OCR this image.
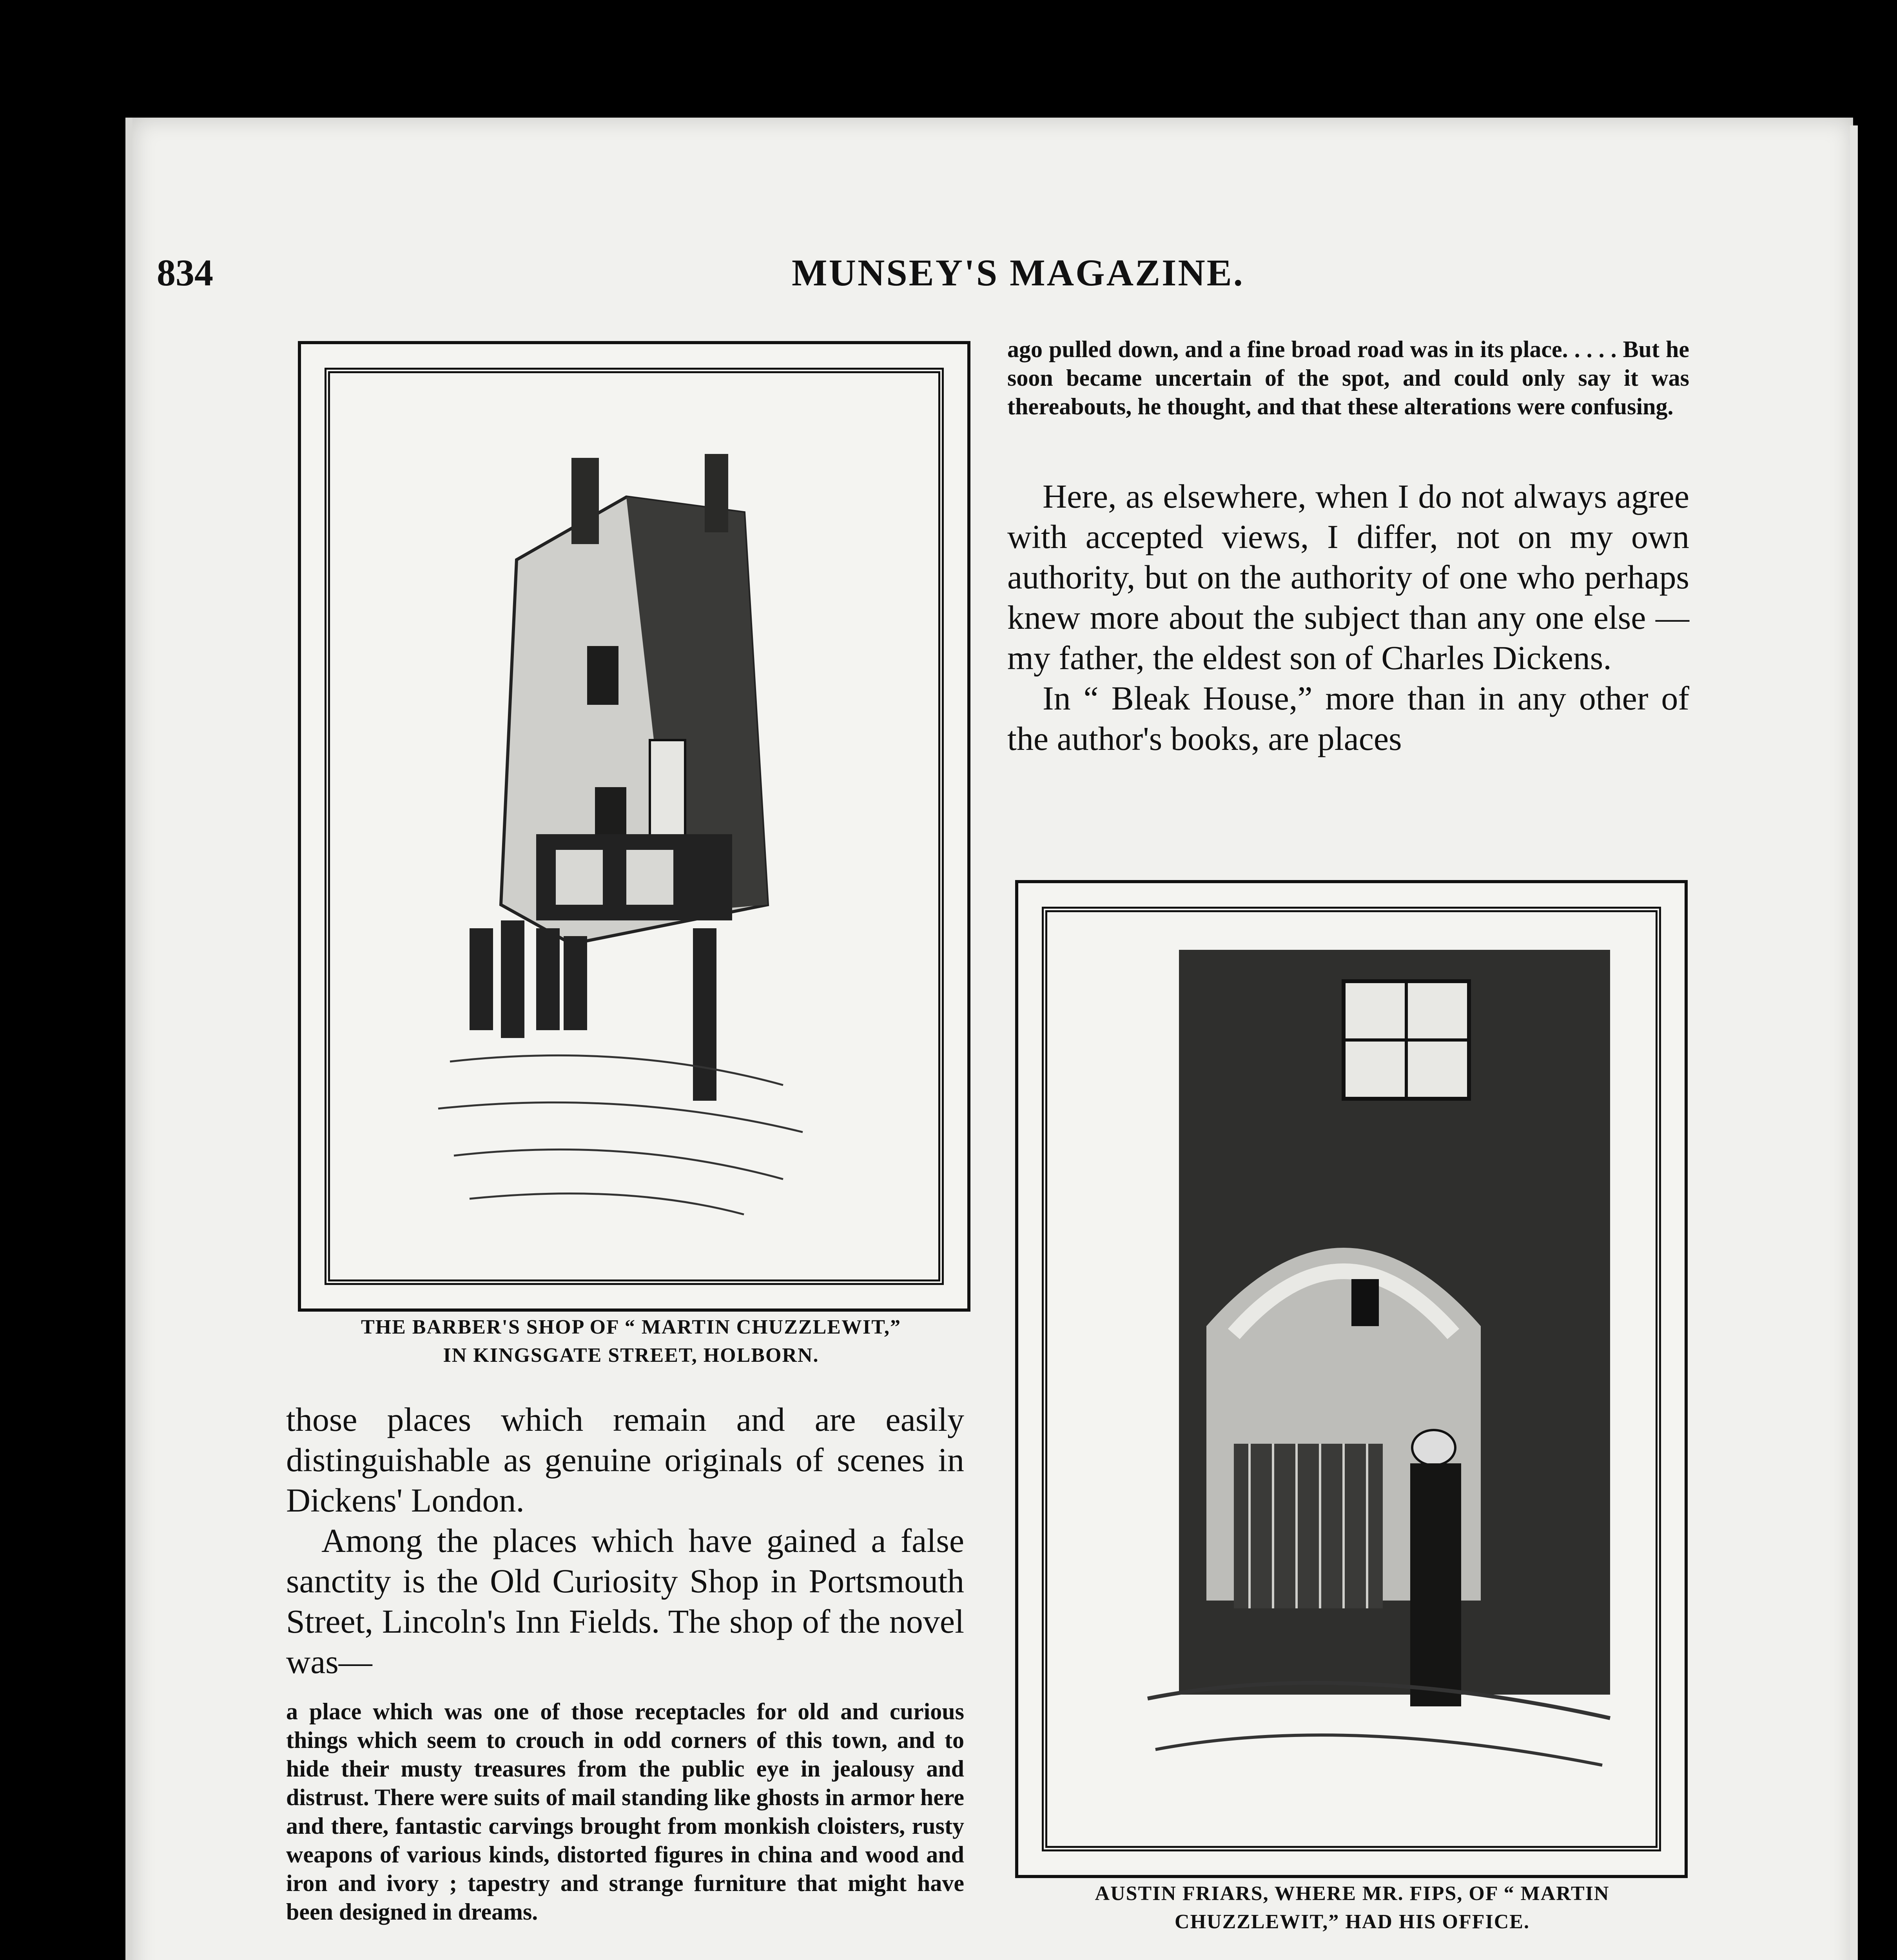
834	MUNSEY'S MAGAZINE.
THE BARBER'S SHOP OF “ MARTIN CHUZZLEWIT,”
IN KINGSGATE STREET, HOLBORN.
ago pulled down, and a fine broad road was in its place. . . . . But he soon became uncertain of the spot, and could only say it was thereabouts, he thought, and that these alterations were confusing.

Here, as elsewhere, when I do not always agree with accepted views, I differ, not on my own authority, but on the authority of one who perhaps knew more about the subject than any one else —my father, the eldest son of Charles Dickens.

In “ Bleak House,” more than in any other of the author's books, are places

AUSTIN FRIARS, WHERE MR. FIPS, OF “ MARTIN
CHUZZLEWIT,” HAD HIS OFFICE.

those places which remain and are easily distinguishable as genuine originals of scenes in Dickens' London.

Among the places which have gained a false sanctity is the Old Curiosity Shop in Portsmouth Street, Lincoln's Inn Fields. The shop of the novel was—

a place which was one of those receptacles for old and curious things which seem to crouch in odd corners of this town, and to hide their musty treasures from the public eye in jealousy and distrust. There were suits of mail standing like ghosts in armor here and there, fantastic carvings brought from monkish cloisters, rusty weapons of various kinds, distorted figures in china and wood and iron and ivory ; tapestry and strange furniture that might have been designed in dreams.
